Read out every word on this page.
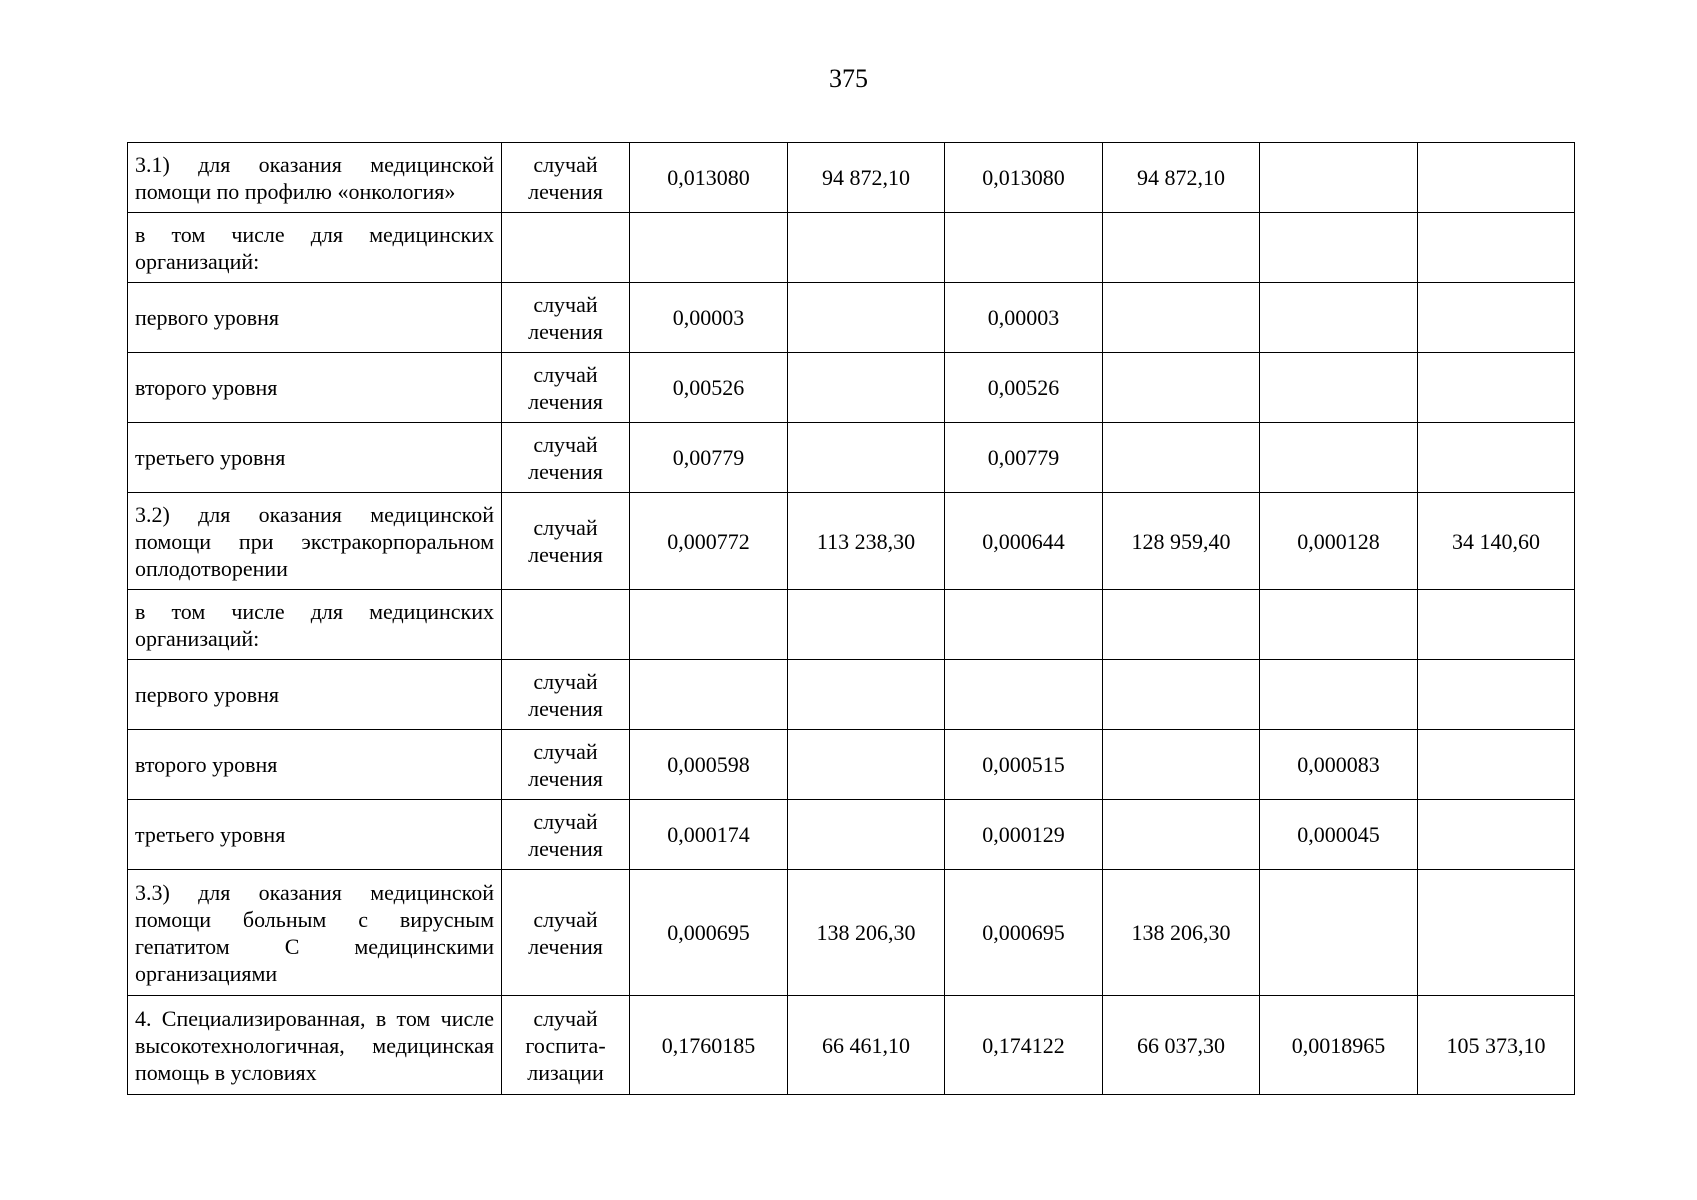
375
3.1) для оказания медицинской помощи по профилю «онкология»	случай лечения	0,013080	94 872,10	0,013080	94 872,10		
в том числе для медицинских организаций:							
первого уровня	случай лечения	0,00003		0,00003			
второго уровня	случай лечения	0,00526		0,00526			
третьего уровня	случай лечения	0,00779		0,00779			
3.2) для оказания медицинской помощи при экстракорпоральном оплодотворении	случай лечения	0,000772	113 238,30	0,000644	128 959,40	0,000128	34 140,60
в том числе для медицинских организаций:							
первого уровня	случай лечения						
второго уровня	случай лечения	0,000598		0,000515		0,000083	
третьего уровня	случай лечения	0,000174		0,000129		0,000045	
3.3) для оказания медицинской помощи больным с вирусным гепатитом С медицинскими организациями	случай лечения	0,000695	138 206,30	0,000695	138 206,30		
4. Специализированная, в том числе высокотехнологичная, медицинская помощь в условиях	случай госпита-лизации	0,1760185	66 461,10	0,174122	66 037,30	0,0018965	105 373,10
